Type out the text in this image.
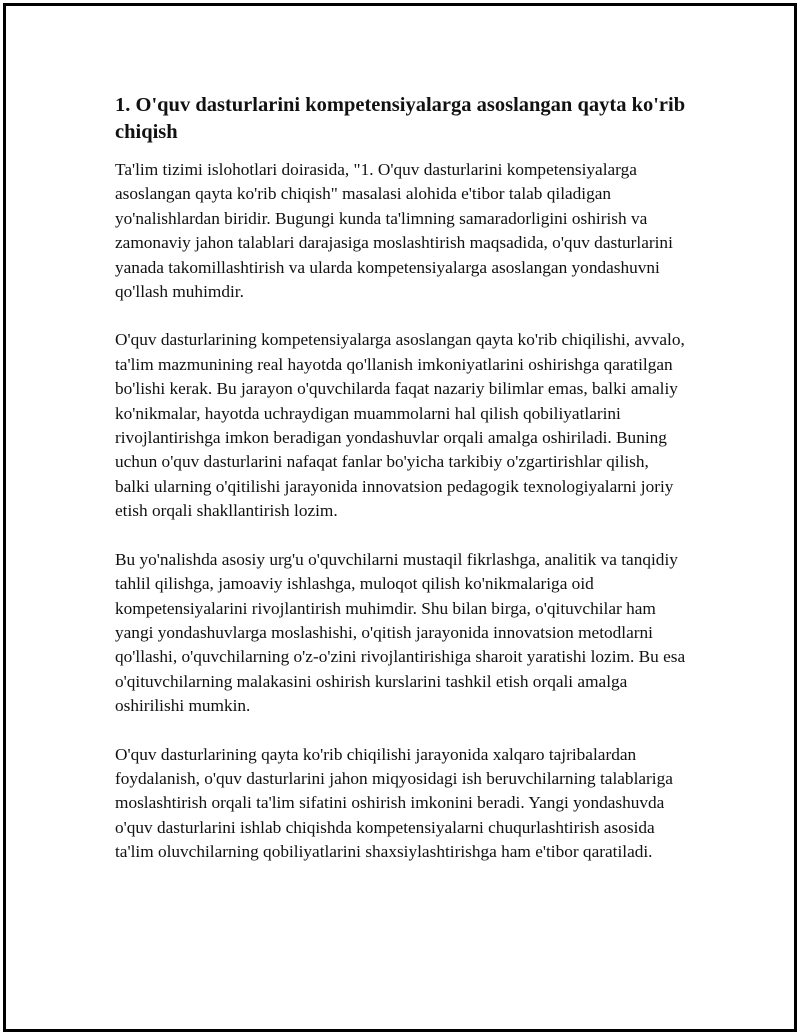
1. O'quv dasturlarini kompetensiyalarga asoslangan qayta ko'rib chiqish

Ta'lim tizimi islohotlari doirasida, "1. O'quv dasturlarini kompetensiyalarga asoslangan qayta ko'rib chiqish" masalasi alohida e'tibor talab qiladigan yo'nalishlardan biridir. Bugungi kunda ta'limning samaradorligini oshirish va zamonaviy jahon talablari darajasiga moslashtirish maqsadida, o'quv dasturlarini yanada takomillashtirish va ularda kompetensiyalarga asoslangan yondashuvni qo'llash muhimdir.

O'quv dasturlarining kompetensiyalarga asoslangan qayta ko'rib chiqilishi, avvalo, ta'lim mazmunining real hayotda qo'llanish imkoniyatlarini oshirishga qaratilgan bo'lishi kerak. Bu jarayon o'quvchilarda faqat nazariy bilimlar emas, balki amaliy ko'nikmalar, hayotda uchraydigan muammolarni hal qilish qobiliyatlarini rivojlantirishga imkon beradigan yondashuvlar orqali amalga oshiriladi. Buning uchun o'quv dasturlarini nafaqat fanlar bo'yicha tarkibiy o'zgartirishlar qilish, balki ularning o'qitilishi jarayonida innovatsion pedagogik texnologiyalarni joriy etish orqali shakllantirish lozim.

Bu yo'nalishda asosiy urg'u o'quvchilarni mustaqil fikrlashga, analitik va tanqidiy tahlil qilishga, jamoaviy ishlashga, muloqot qilish ko'nikmalariga oid kompetensiyalarini rivojlantirish muhimdir. Shu bilan birga, o'qituvchilar ham yangi yondashuvlarga moslashishi, o'qitish jarayonida innovatsion metodlarni qo'llashi, o'quvchilarning o'z-o'zini rivojlantirishiga sharoit yaratishi lozim. Bu esa o'qituvchilarning malakasini oshirish kurslarini tashkil etish orqali amalga oshirilishi mumkin.

O'quv dasturlarining qayta ko'rib chiqilishi jarayonida xalqaro tajribalardan foydalanish, o'quv dasturlarini jahon miqyosidagi ish beruvchilarning talablariga moslashtirish orqali ta'lim sifatini oshirish imkonini beradi. Yangi yondashuvda o'quv dasturlarini ishlab chiqishda kompetensiyalarni chuqurlashtirish asosida ta'lim oluvchilarning qobiliyatlarini shaxsiylashtirishga ham e'tibor qaratiladi.
